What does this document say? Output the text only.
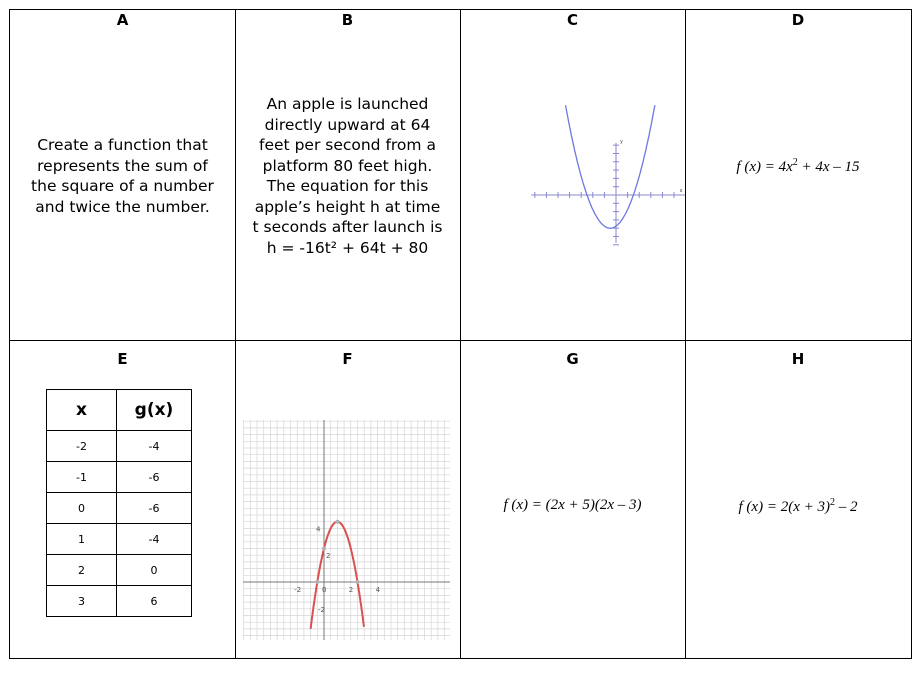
A
Create a function that
represents the sum of
the square of a number
and twice the number.
B
An apple is launched
directly upward at 64
feet per second from a
platform 80 feet high.
The equation for this
apple’s height h at time
t seconds after launch is
h = -16t² + 64t + 80
C
y
x
D
f $(x) = 4x^2 + 4x - 15$
E
x	g(x)
-2	-4
-1	-6
0	-6
1	-4
2	0
3	6
F
-2	0	2	4
4
2
-2
G
f (x) = (2x + 5)(2x – 3)
H
f $(x) = 2(x + 3)^2 - 2$
